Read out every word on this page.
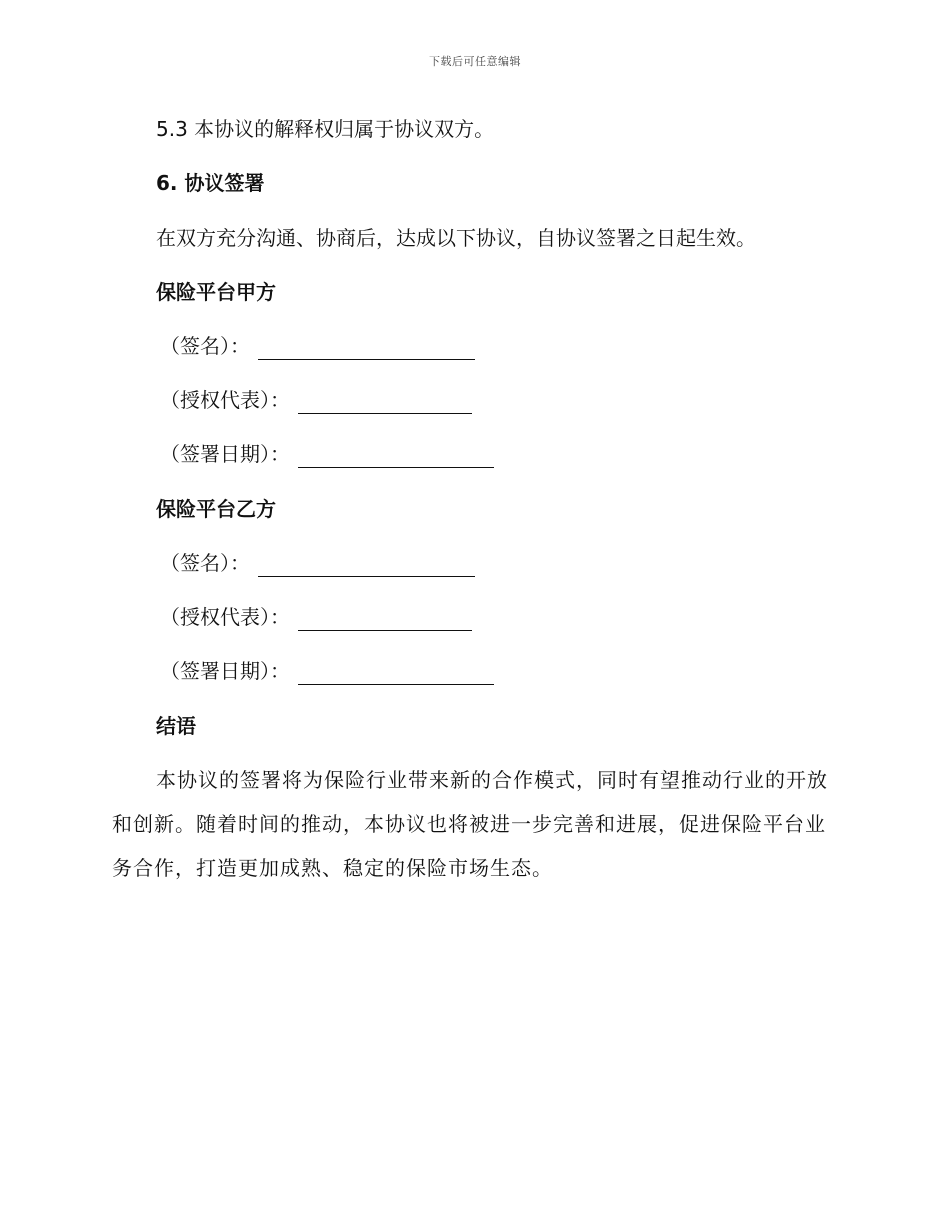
下载后可任意编辑
5.3 本协议的解释权归属于协议双方。
6. 协议签署
在双方充分沟通、协商后，达成以下协议，自协议签署之日起生效。
保险平台甲方
（签名）：
（授权代表）：
（签署日期）：
保险平台乙方
（签名）：
（授权代表）：
（签署日期）：
结语
本协议的签署将为保险行业带来新的合作模式，同时有望推动行业的开放和创新。随着时间的推动，本协议也将被进一步完善和进展，促进保险平台业务合作，打造更加成熟、稳定的保险市场生态。
